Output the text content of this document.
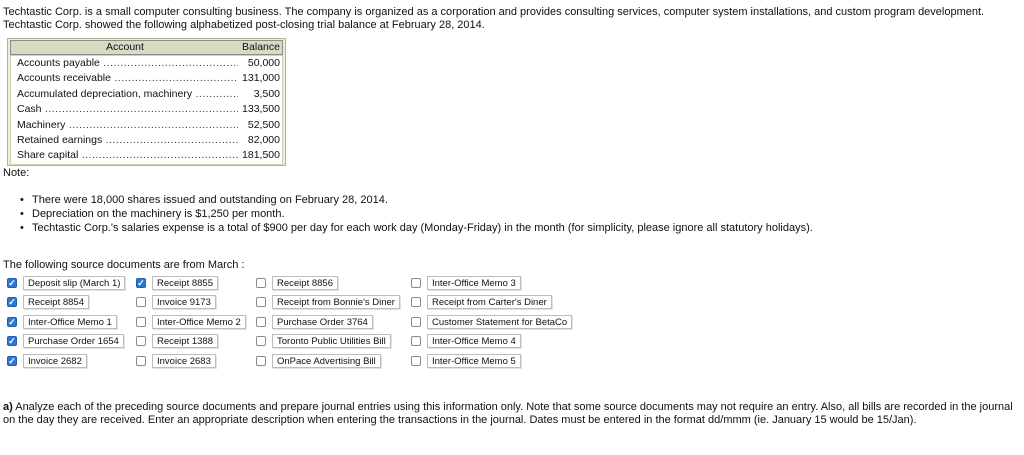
Techtastic Corp. is a small computer consulting business. The company is organized as a corporation and provides consulting services, computer system installations, and custom program development. Techtastic Corp. showed the following alphabetized post-closing trial balance at February 28, 2014.

Account	Balance
Accounts payable .....	50,000
Accounts receivable .....	131,000
Accumulated depreciation, machinery .....	3,500
Cash .....	133,500
Machinery .....	52,500
Retained earnings .....	82,000
Share capital .....	181,500
Note:
• There were 18,000 shares issued and outstanding on February 28, 2014.
• Depreciation on the machinery is $1,250 per month.
• Techtastic Corp.'s salaries expense is a total of $900 per day for each work day (Monday-Friday) in the month (for simplicity, please ignore all statutory holidays).
The following source documents are from March :
✓	Deposit slip (March 1)	✓	Receipt 8855	Receipt 8856	Inter-Office Memo 3
✓	Receipt 8854	Invoice 9173	Receipt from Bonnie's Diner	Receipt from Carter's Diner
✓	Inter-Office Memo 1	Inter-Office Memo 2	Purchase Order 3764	Customer Statement for BetaCo
✓	Purchase Order 1654	Receipt 1388	Toronto Public Utilities Bill	Inter-Office Memo 4
✓	Invoice 2682	Invoice 2683	OnPace Advertising Bill	Inter-Office Memo 5

a) Analyze each of the preceding source documents and prepare journal entries using this information only. Note that some source documents may not require an entry. Also, all bills are recorded in the journal on the day they are received. Enter an appropriate description when entering the transactions in the journal. Dates must be entered in the format dd/mmm (ie. January 15 would be 15/Jan).
